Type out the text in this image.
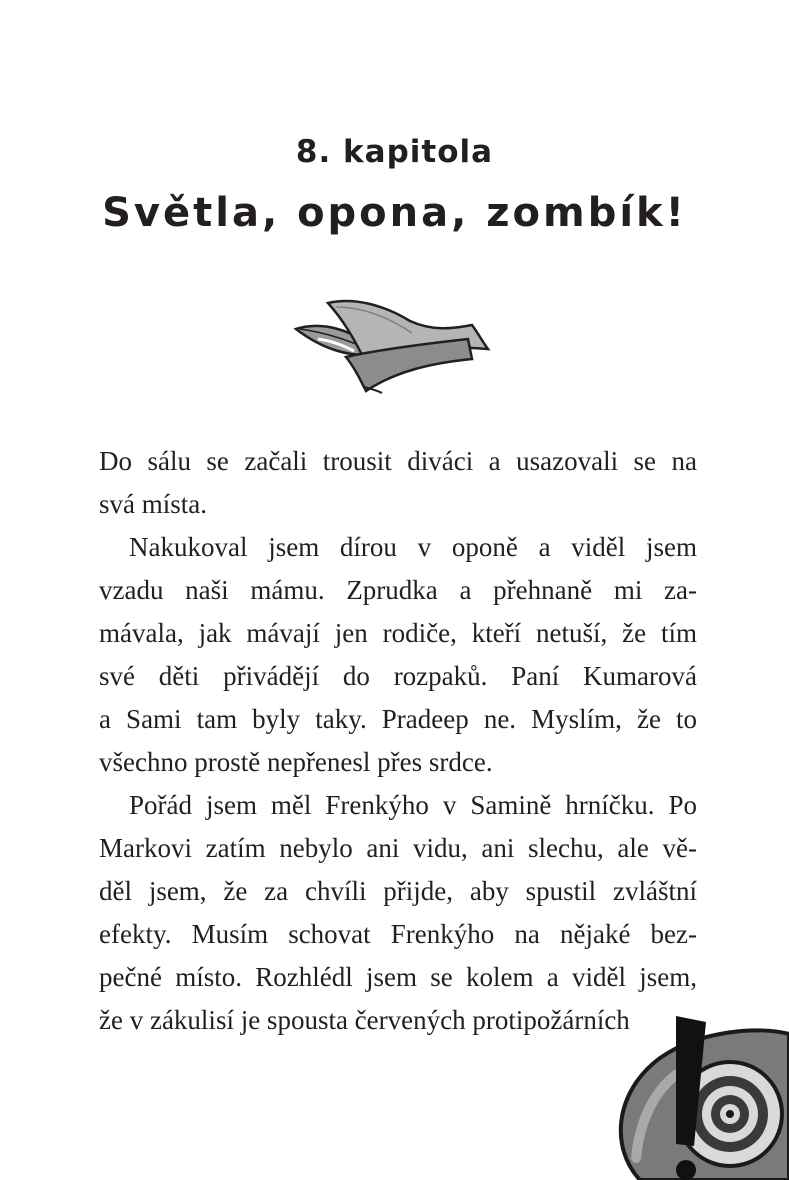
8. kapitola
Světla, opona, zombík!

Do sálu se začali trousit diváci a usazovali se na
svá místa.

Nakukoval jsem dírou v oponě a viděl jsem
vzadu naši mámu. Zprudka a přehnaně mi za-
mávala, jak mávají jen rodiče, kteří netuší, že tím
své děti přivádějí do rozpaků. Paní Kumarová
a Sami tam byly taky. Pradeep ne. Myslím, že to
všechno prostě nepřenesl přes srdce.

Pořád jsem měl Frenkýho v Samině hrníčku. Po
Markovi zatím nebylo ani vidu, ani slechu, ale vě-
děl jsem, že za chvíli přijde, aby spustil zvláštní
efekty. Musím schovat Frenkýho na nějaké bez-
pečné místo. Rozhlédl jsem se kolem a viděl jsem,
že v zákulisí je spousta červených protipožárních
